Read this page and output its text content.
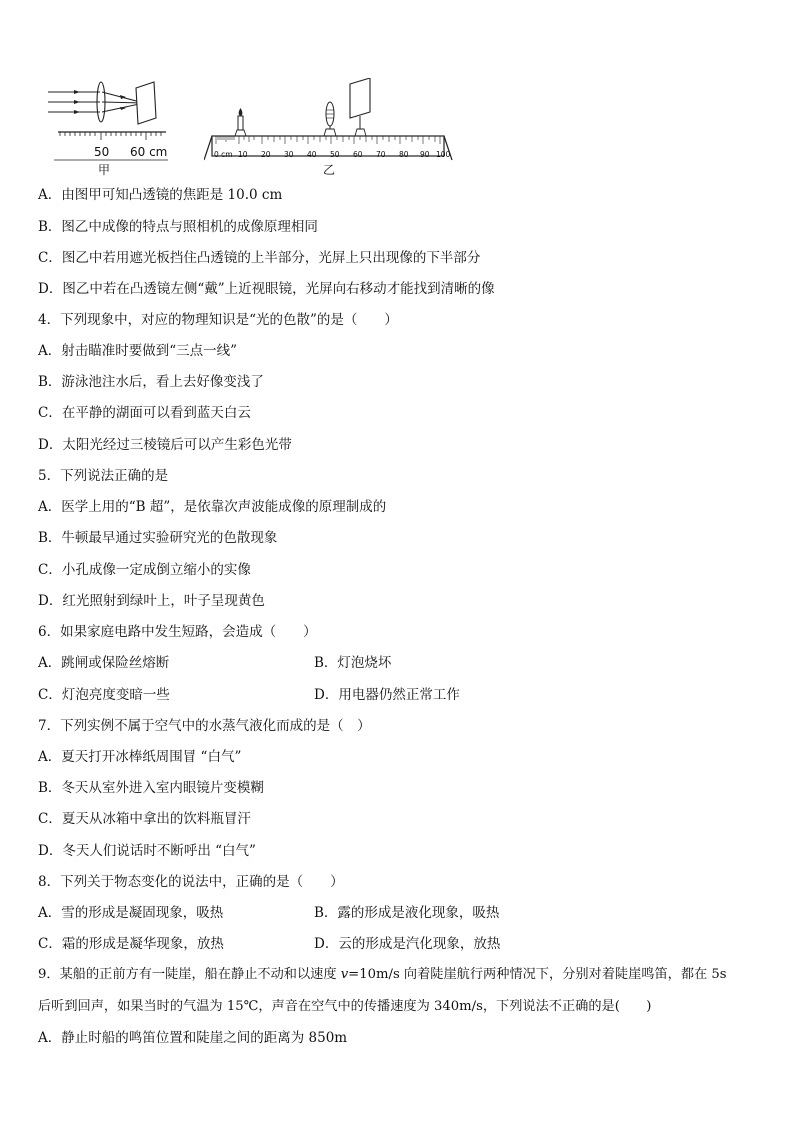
50 60 cm
甲
0 cm 10 20 30 40 50 60 70 80 90 100
乙
A．由图甲可知凸透镜的焦距是 10.0 cm
B．图乙中成像的特点与照相机的成像原理相同
C．图乙中若用遮光板挡住凸透镜的上半部分，光屏上只出现像的下半部分
D．图乙中若在凸透镜左侧“戴”上近视眼镜，光屏向右移动才能找到清晰的像
4．下列现象中，对应的物理知识是“光的色散”的是（　　）
A．射击瞄准时要做到“三点一线”
B．游泳池注水后，看上去好像变浅了
C．在平静的湖面可以看到蓝天白云
D．太阳光经过三棱镜后可以产生彩色光带
5．下列说法正确的是
A．医学上用的“B 超”，是依靠次声波能成像的原理制成的
B．牛顿最早通过实验研究光的色散现象
C．小孔成像一定成倒立缩小的实像
D．红光照射到绿叶上，叶子呈现黄色
6．如果家庭电路中发生短路，会造成（　　）
A．跳闸或保险丝熔断	B．灯泡烧坏
C．灯泡亮度变暗一些	D．用电器仍然正常工作
7．下列实例不属于空气中的水蒸气液化而成的是（　）
A．夏天打开冰棒纸周围冒 “白气”
B．冬天从室外进入室内眼镜片变模糊
C．夏天从冰箱中拿出的饮料瓶冒汗
D．冬天人们说话时不断呼出 “白气”
8．下列关于物态变化的说法中，正确的是（　　）
A．雪的形成是凝固现象，吸热	B．露的形成是液化现象，吸热
C．霜的形成是凝华现象，放热	D．云的形成是汽化现象，放热
9．某船的正前方有一陡崖，船在静止不动和以速度 v=10m/s 向着陡崖航行两种情况下，分别对着陡崖鸣笛，都在 5s
后听到回声，如果当时的气温为 15℃，声音在空气中的传播速度为 340m/s，下列说法不正确的是(　　)
A．静止时船的鸣笛位置和陡崖之间的距离为 850m
